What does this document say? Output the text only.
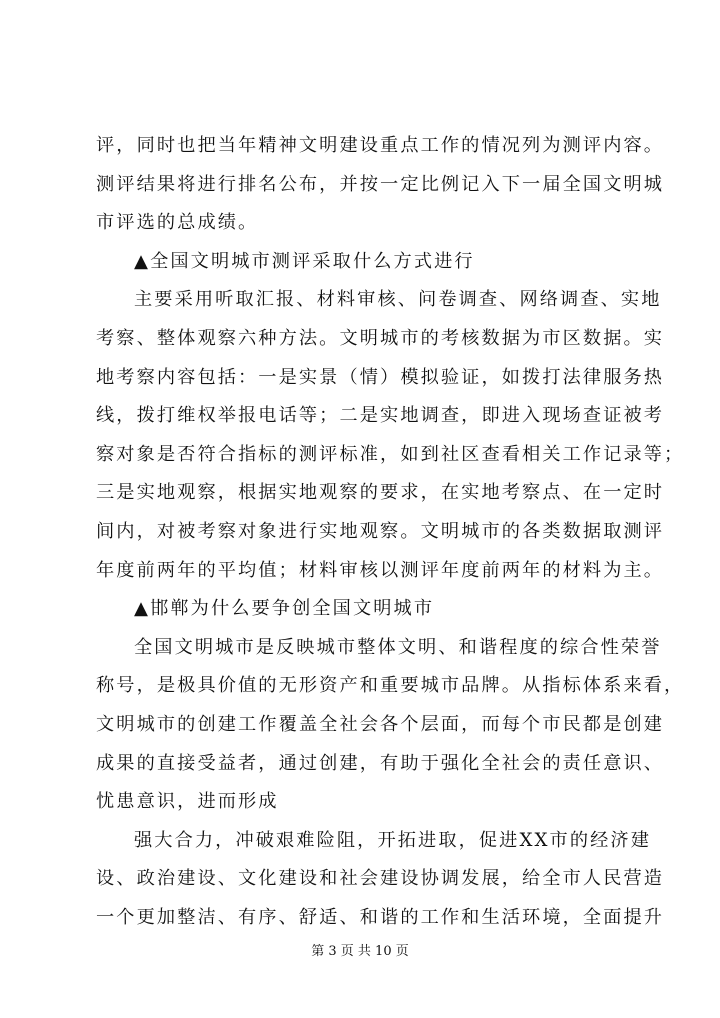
评，同时也把当年精神文明建设重点工作的情况列为测评内容。
测评结果将进行排名公布，并按一定比例记入下一届全国文明城
市评选的总成绩。
▲全国文明城市测评采取什么方式进行
主要采用听取汇报、材料审核、问卷调查、网络调查、实地
考察、整体观察六种方法。文明城市的考核数据为市区数据。实
地考察内容包括：一是实景（情）模拟验证，如拨打法律服务热
线，拨打维权举报电话等；二是实地调查，即进入现场查证被考
察对象是否符合指标的测评标准，如到社区查看相关工作记录等；
三是实地观察，根据实地观察的要求，在实地考察点、在一定时
间内，对被考察对象进行实地观察。文明城市的各类数据取测评
年度前两年的平均值；材料审核以测评年度前两年的材料为主。
▲邯郸为什么要争创全国文明城市
全国文明城市是反映城市整体文明、和谐程度的综合性荣誉
称号，是极具价值的无形资产和重要城市品牌。从指标体系来看，
文明城市的创建工作覆盖全社会各个层面，而每个市民都是创建
成果的直接受益者，通过创建，有助于强化全社会的责任意识、
忧患意识，进而形成
强大合力，冲破艰难险阻，开拓进取，促进XX市的经济建
设、政治建设、文化建设和社会建设协调发展，给全市人民营造
一个更加整洁、有序、舒适、和谐的工作和生活环境，全面提升
第 3 页 共 10 页
